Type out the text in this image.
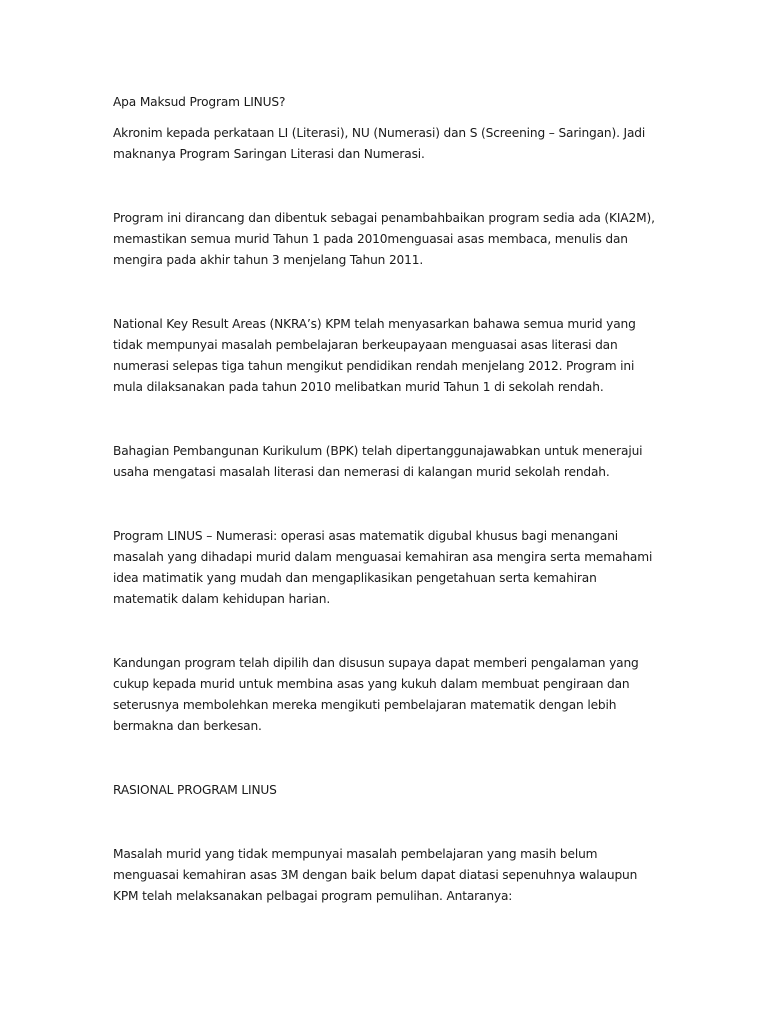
Apa Maksud Program LINUS?

Akronim kepada perkataan LI (Literasi), NU (Numerasi) dan S (Screening – Saringan). Jadi maknanya Program Saringan Literasi dan Numerasi.

Program ini dirancang dan dibentuk sebagai penambahbaikan program sedia ada (KIA2M), memastikan semua murid Tahun 1 pada 2010menguasai asas membaca, menulis dan mengira pada akhir tahun 3 menjelang Tahun 2011.

National Key Result Areas (NKRA’s) KPM telah menyasarkan bahawa semua murid yang tidak mempunyai masalah pembelajaran berkeupayaan menguasai asas literasi dan numerasi selepas tiga tahun mengikut pendidikan rendah menjelang 2012. Program ini mula dilaksanakan pada tahun 2010 melibatkan murid Tahun 1 di sekolah rendah.

Bahagian Pembangunan Kurikulum (BPK) telah dipertanggunajawabkan untuk menerajui usaha mengatasi masalah literasi dan nemerasi di kalangan murid sekolah rendah.

Program LINUS – Numerasi: operasi asas matematik digubal khusus bagi menangani masalah yang dihadapi murid dalam menguasai kemahiran asa mengira serta memahami idea matimatik yang mudah dan mengaplikasikan pengetahuan serta kemahiran matematik dalam kehidupan harian.

Kandungan program telah dipilih dan disusun supaya dapat memberi pengalaman yang cukup kepada murid untuk membina asas yang kukuh dalam membuat pengiraan dan seterusnya membolehkan mereka mengikuti pembelajaran matematik dengan lebih bermakna dan berkesan.

RASIONAL PROGRAM LINUS

Masalah murid yang tidak mempunyai masalah pembelajaran yang masih belum menguasai kemahiran asas 3M dengan baik belum dapat diatasi sepenuhnya walaupun KPM telah melaksanakan pelbagai program pemulihan. Antaranya:
